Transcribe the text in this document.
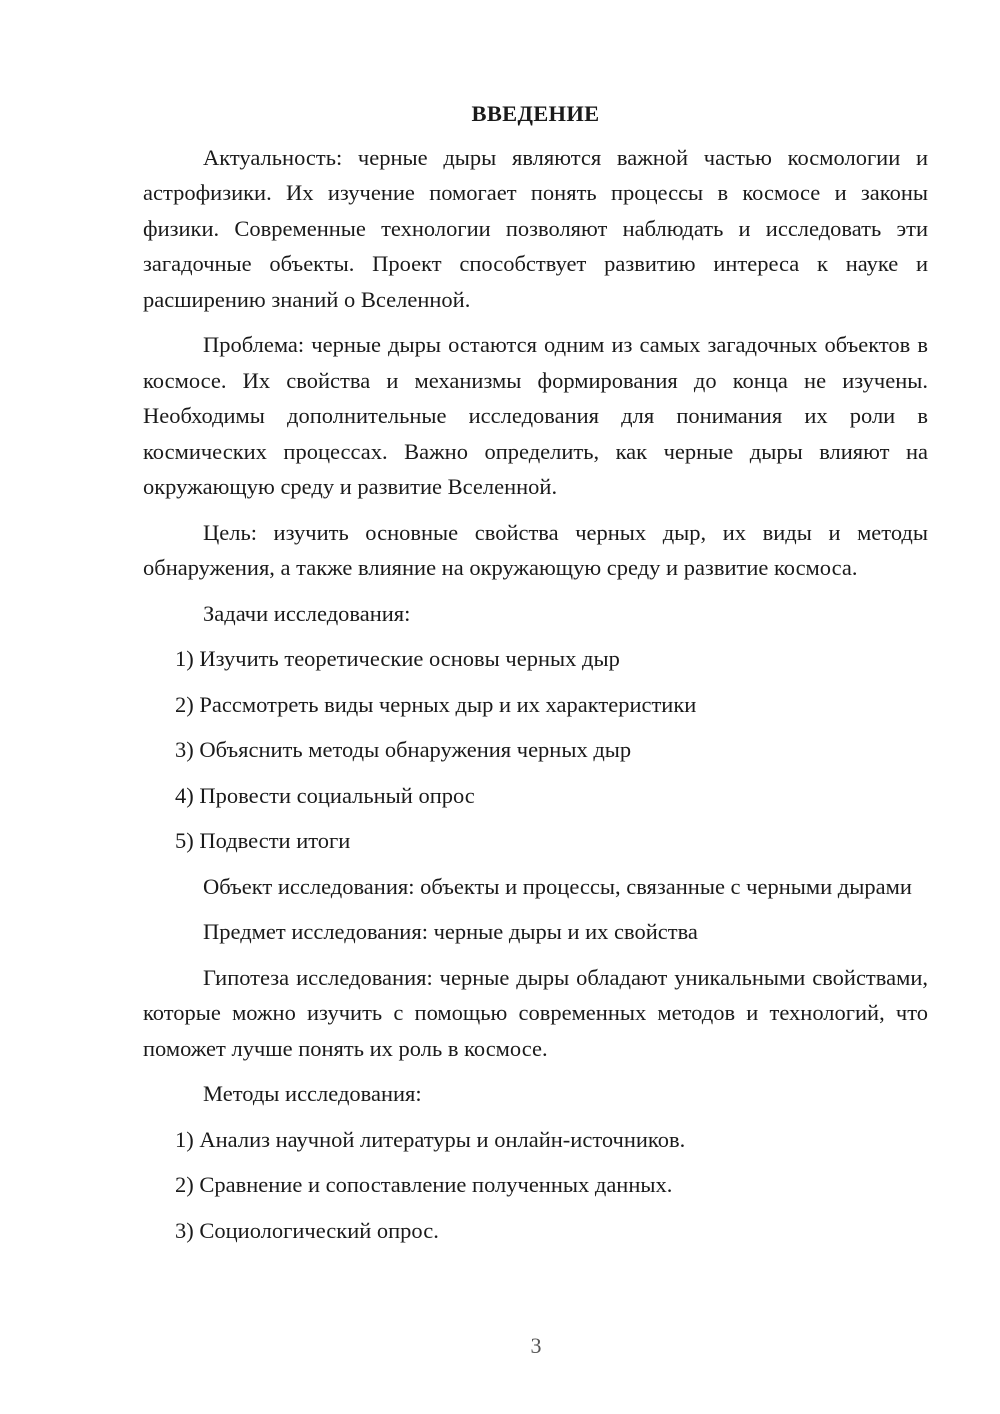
ВВЕДЕНИЕ

Актуальность: черные дыры являются важной частью космологии и астрофизики. Их изучение помогает понять процессы в космосе и законы физики. Современные технологии позволяют наблюдать и исследовать эти загадочные объекты. Проект способствует развитию интереса к науке и расширению знаний о Вселенной.

Проблема: черные дыры остаются одним из самых загадочных объектов в космосе. Их свойства и механизмы формирования до конца не изучены. Необходимы дополнительные исследования для понимания их роли в космических процессах. Важно определить, как черные дыры влияют на окружающую среду и развитие Вселенной.

Цель: изучить основные свойства черных дыр, их виды и методы обнаружения, а также влияние на окружающую среду и развитие космоса.

Задачи исследования:

1) Изучить теоретические основы черных дыр

2) Рассмотреть виды черных дыр и их характеристики

3) Объяснить методы обнаружения черных дыр

4) Провести социальный опрос

5) Подвести итоги

Объект исследования: объекты и процессы, связанные с черными дырами

Предмет исследования: черные дыры и их свойства

Гипотеза исследования: черные дыры обладают уникальными свойствами, которые можно изучить с помощью современных методов и технологий, что поможет лучше понять их роль в космосе.

Методы исследования:

1) Анализ научной литературы и онлайн-источников.

2) Сравнение и сопоставление полученных данных.

3) Социологический опрос.

3
